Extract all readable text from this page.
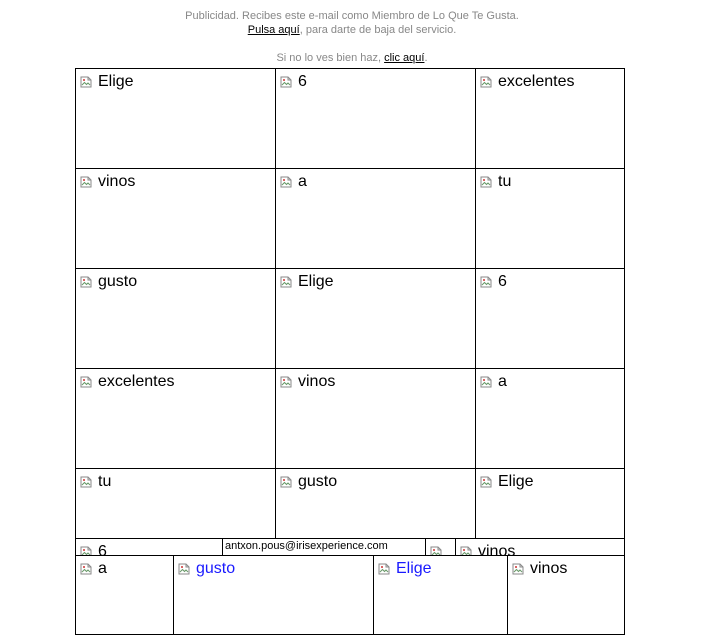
Publicidad. Recibes este e-mail como Miembro de Lo Que Te Gusta.
Pulsa aquí, para darte de baja del servicio.
Si no lo ves bien haz, clic aquí.
Elige	6	excelentes
vinos	a	tu
gusto	Elige	6
excelentes	vinos	a
tu	gusto	Elige
6	antxon.pous@irisexperience.com	vinos
a	gusto	Elige	vinos
